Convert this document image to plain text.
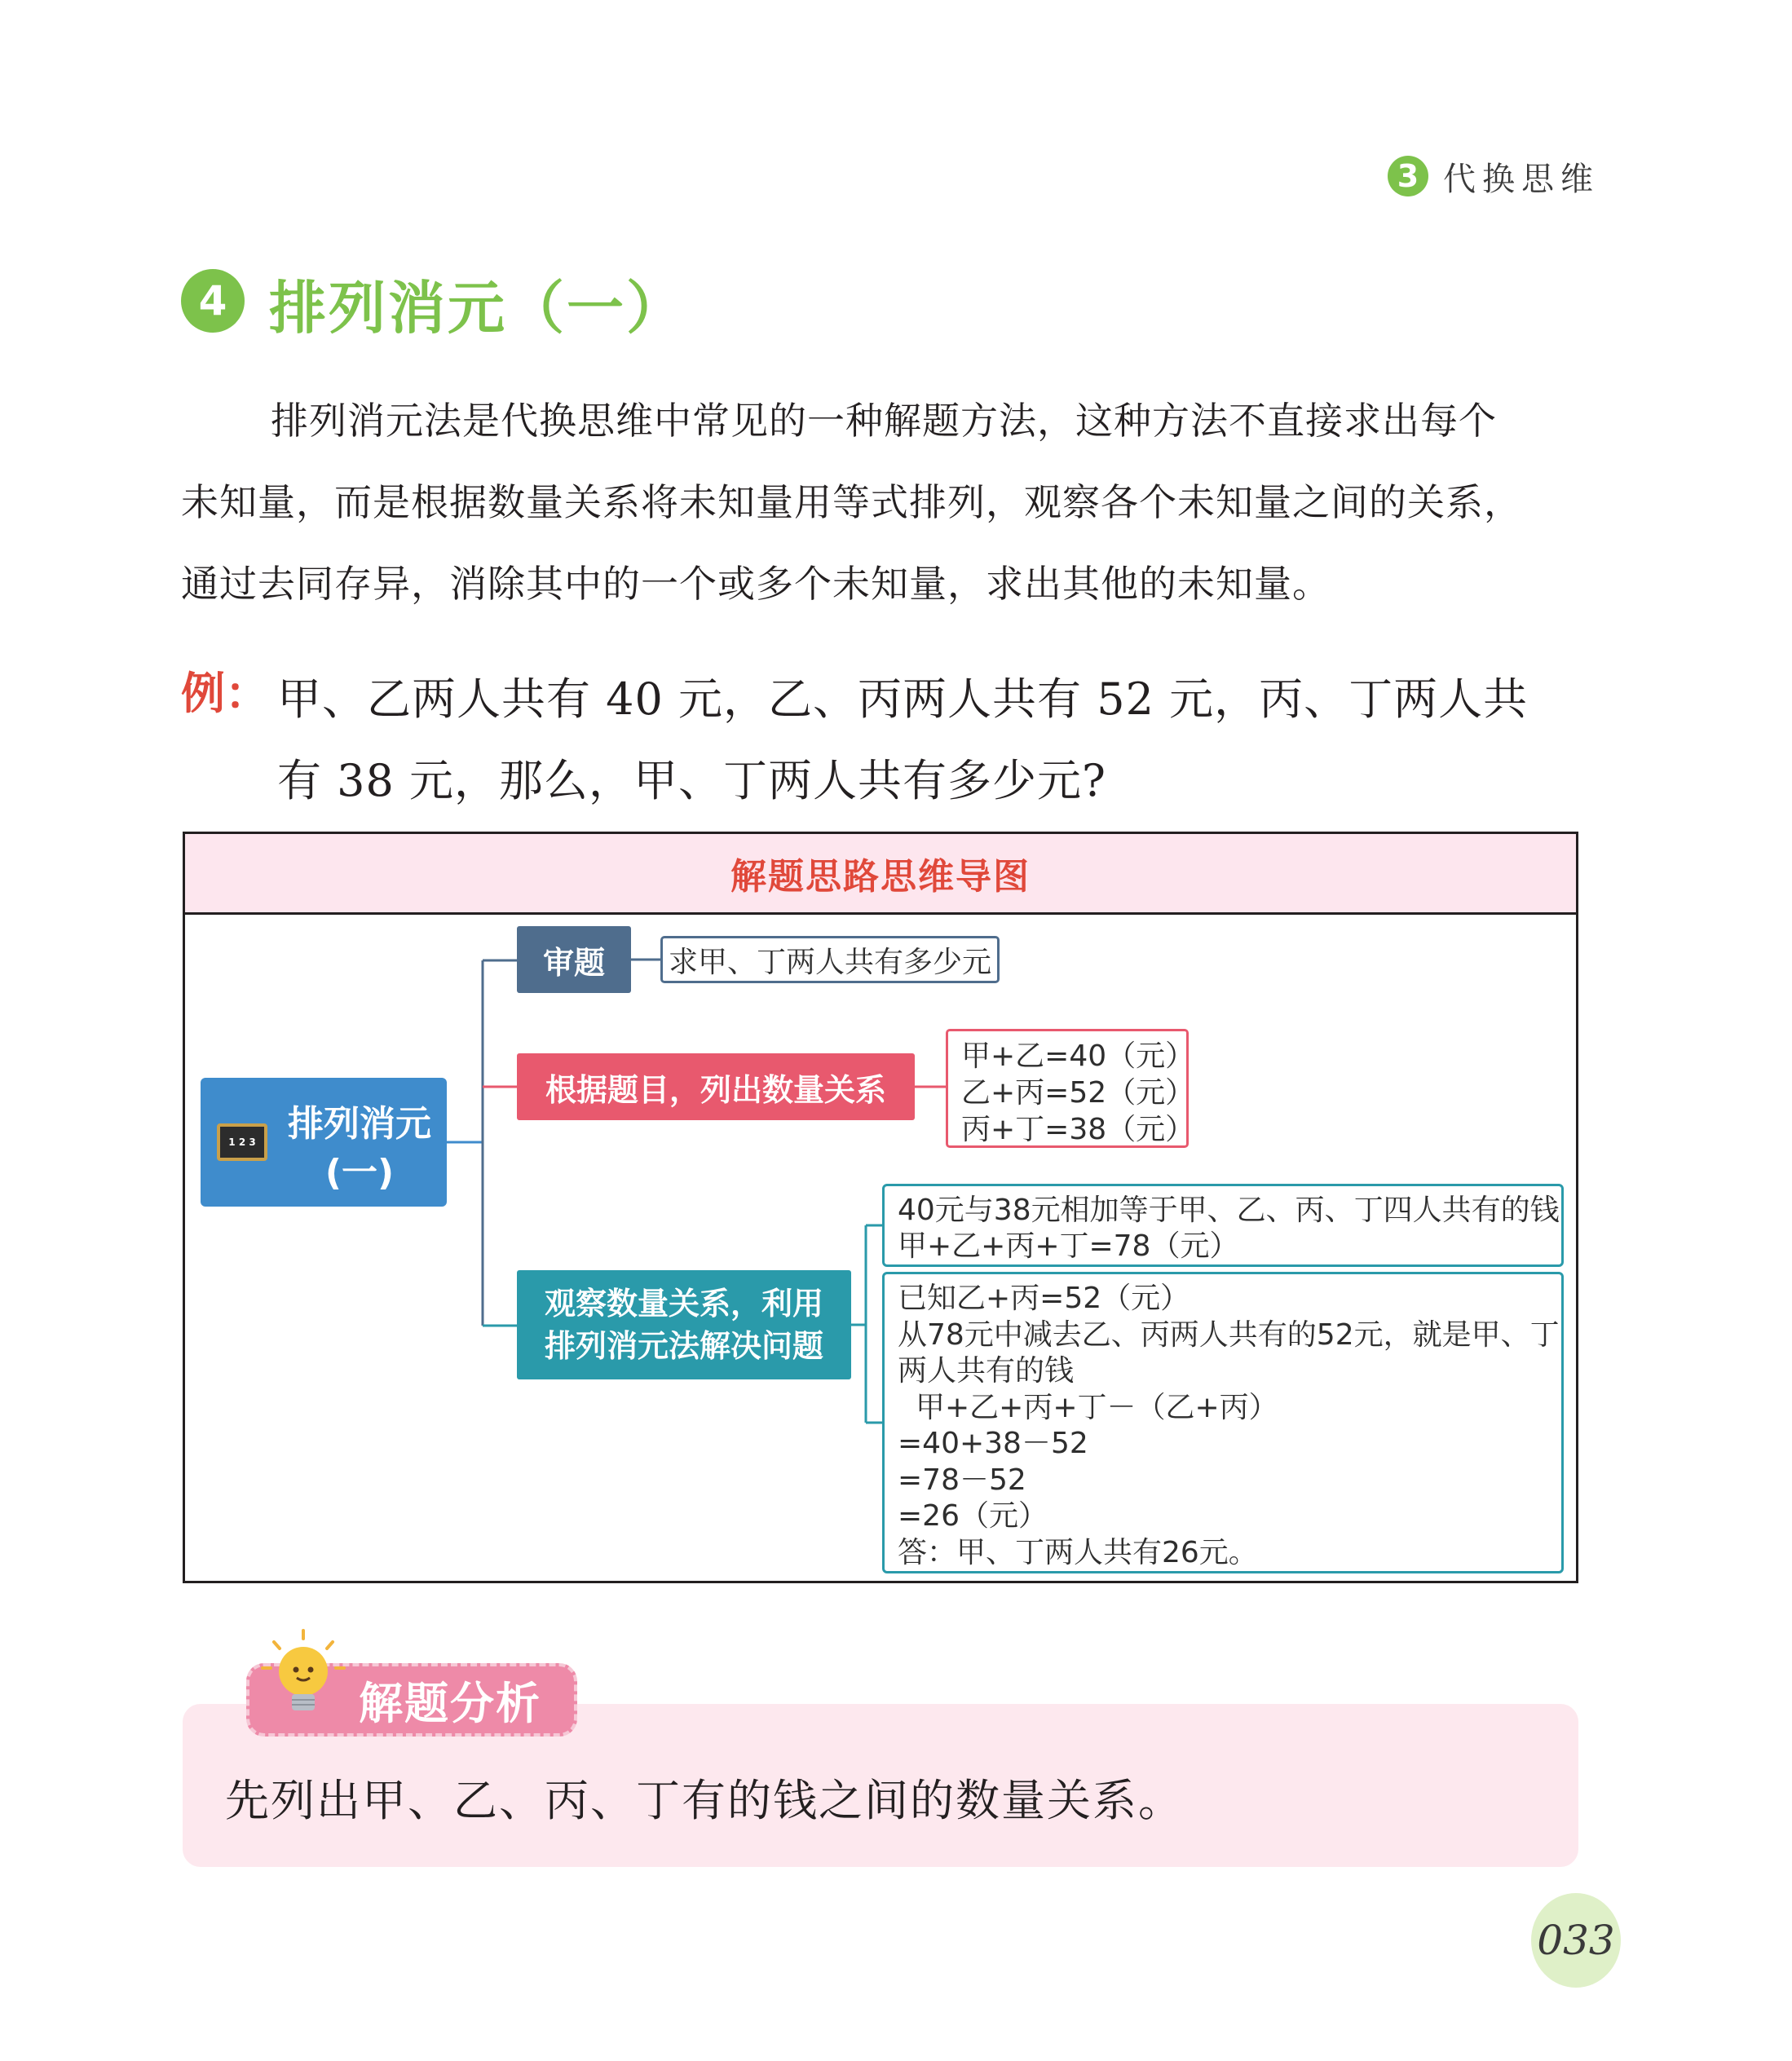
3 代换思维
4 排列消元（一）
排列消元法是代换思维中常见的一种解题方法，这种方法不直接求出每个
未知量，而是根据数量关系将未知量用等式排列，观察各个未知量之间的关系，
通过去同存异，消除其中的一个或多个未知量，求出其他的未知量。
例： 甲、乙两人共有 40 元，乙、丙两人共有 52 元，丙、丁两人共
有 38 元，那么，甲、丁两人共有多少元?
解题思路思维导图
1 2 3 排列消元
(一)
审题	求甲、丁两人共有多少元
根据题目，列出数量关系
甲+乙=40（元）
乙+丙=52（元）
丙+丁=38（元）
观察数量关系，利用
排列消元法解决问题
40元与38元相加等于甲、乙、丙、丁四人共有的钱
甲+乙+丙+丁=78（元）
已知乙+丙=52（元）
从78元中减去乙、丙两人共有的52元，就是甲、丁
两人共有的钱
甲+乙+丙+丁－（乙+丙）
=40+38－52
=78－52
=26（元）
答：甲、丁两人共有26元。
解题分析
先列出甲、乙、丙、丁有的钱之间的数量关系。
033
